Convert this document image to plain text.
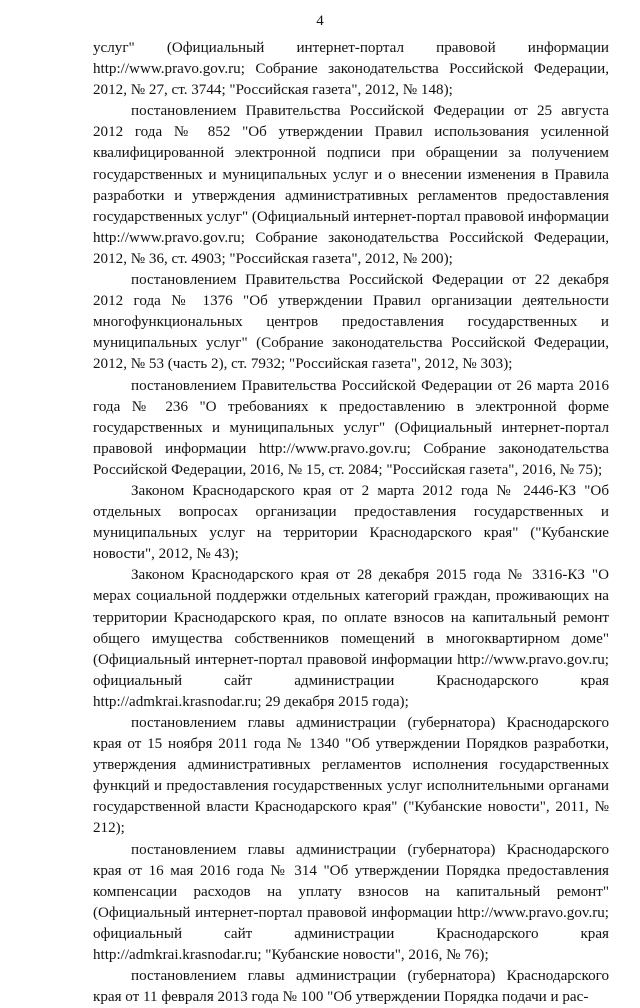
4

услуг" (Официальный интернет-портал правовой информации http://www.pravo.gov.ru; Собрание законодательства Российской Федерации, 2012, № 27, ст. 3744; "Российская газета", 2012, № 148);

постановлением Правительства Российской Федерации от 25 августа 2012 года № 852 "Об утверждении Правил использования усиленной квалифицированной электронной подписи при обращении за получением государственных и муниципальных услуг и о внесении изменения в Правила разработки и утверждения административных регламентов предоставления государственных услуг" (Официальный интернет-портал правовой информации http://www.pravo.gov.ru; Собрание законодательства Российской Федерации, 2012, № 36, ст. 4903; "Российская газета", 2012, № 200);

постановлением Правительства Российской Федерации от 22 декабря 2012 года № 1376 "Об утверждении Правил организации деятельности многофункциональных центров предоставления государственных и муниципальных услуг" (Собрание законодательства Российской Федерации, 2012, № 53 (часть 2), ст. 7932; "Российская газета", 2012, № 303);

постановлением Правительства Российской Федерации от 26 марта 2016 года № 236 "О требованиях к предоставлению в электронной форме государственных и муниципальных услуг" (Официальный интернет-портал правовой информации http://www.pravo.gov.ru; Собрание законодательства Российской Федерации, 2016, № 15, ст. 2084; "Российская газета", 2016, № 75);

Законом Краснодарского края от 2 марта 2012 года № 2446-КЗ "Об отдельных вопросах организации предоставления государственных и муниципальных услуг на территории Краснодарского края" ("Кубанские новости", 2012, № 43);

Законом Краснодарского края от 28 декабря 2015 года № 3316-КЗ "О мерах социальной поддержки отдельных категорий граждан, проживающих на территории Краснодарского края, по оплате взносов на капитальный ремонт общего имущества собственников помещений в многоквартирном доме" (Официальный интернет-портал правовой информации http://www.pravo.gov.ru; официальный сайт администрации Краснодарского края http://admkrai.krasnodar.ru; 29 декабря 2015 года);

постановлением главы администрации (губернатора) Краснодарского края от 15 ноября 2011 года № 1340 "Об утверждении Порядков разработки, утверждения административных регламентов исполнения государственных функций и предоставления государственных услуг исполнительными органами государственной власти Краснодарского края" ("Кубанские новости", 2011, № 212);

постановлением главы администрации (губернатора) Краснодарского края от 16 мая 2016 года № 314 "Об утверждении Порядка предоставления компенсации расходов на уплату взносов на капитальный ремонт" (Официальный интернет-портал правовой информации http://www.pravo.gov.ru; официальный сайт администрации Краснодарского края http://admkrai.krasnodar.ru; "Кубанские новости", 2016, № 76);

постановлением главы администрации (губернатора) Краснодарского края от 11 февраля 2013 года № 100 "Об утверждении Порядка подачи и рас-
